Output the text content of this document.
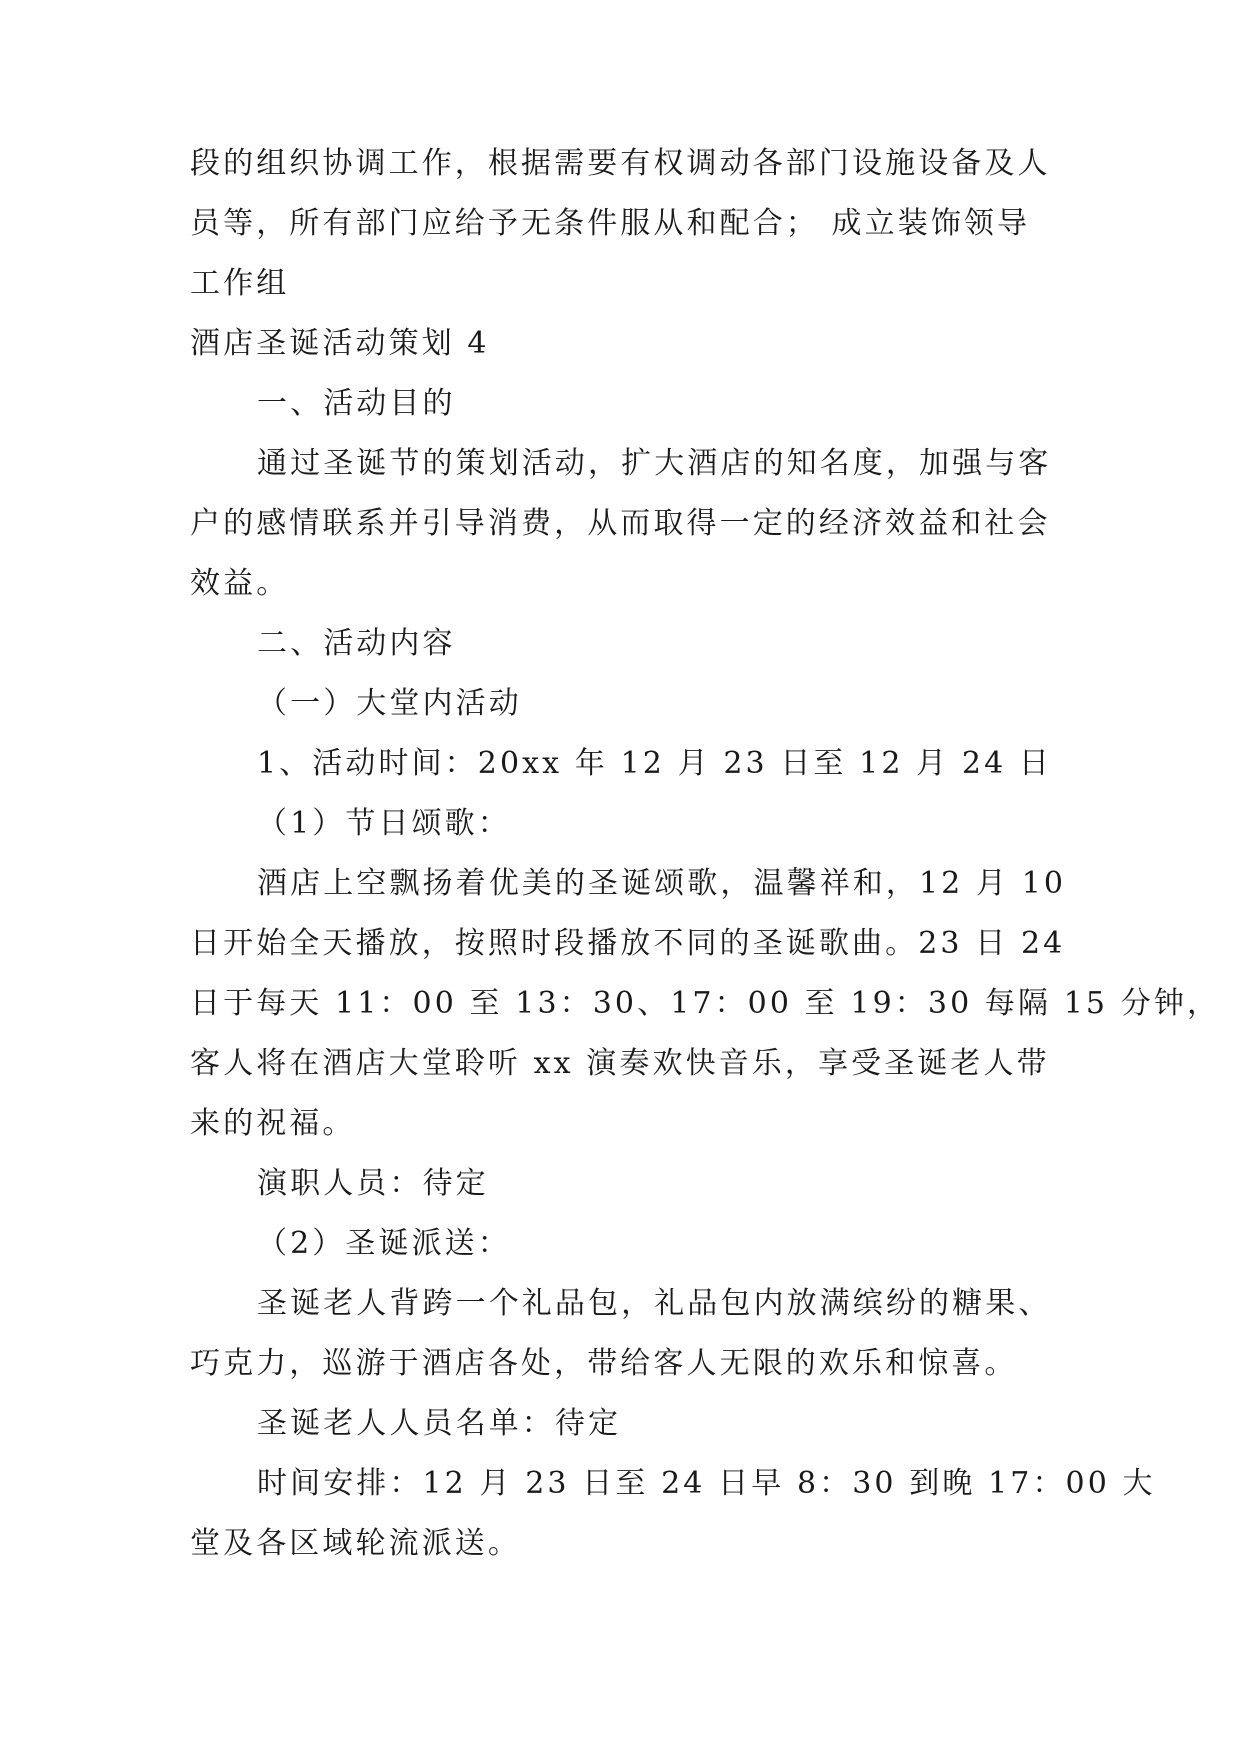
段的组织协调工作，根据需要有权调动各部门设施设备及人
员等，所有部门应给予无条件服从和配合； 成立装饰领导
工作组
酒店圣诞活动策划 4
一、活动目的
通过圣诞节的策划活动，扩大酒店的知名度，加强与客
户的感情联系并引导消费，从而取得一定的经济效益和社会
效益。
二、活动内容
（一）大堂内活动
1、活动时间：20xx 年 12 月 23 日至 12 月 24 日
（1）节日颂歌：
酒店上空飘扬着优美的圣诞颂歌，温馨祥和，12 月 10
日开始全天播放，按照时段播放不同的圣诞歌曲。23 日 24
日于每天 11：00 至 13：30、17：00 至 19：30 每隔 15 分钟，
客人将在酒店大堂聆听 xx 演奏欢快音乐，享受圣诞老人带
来的祝福。
演职人员：待定
（2）圣诞派送：
圣诞老人背跨一个礼品包，礼品包内放满缤纷的糖果、
巧克力，巡游于酒店各处，带给客人无限的欢乐和惊喜。
圣诞老人人员名单：待定
时间安排：12 月 23 日至 24 日早 8：30 到晚 17：00 大
堂及各区域轮流派送。
